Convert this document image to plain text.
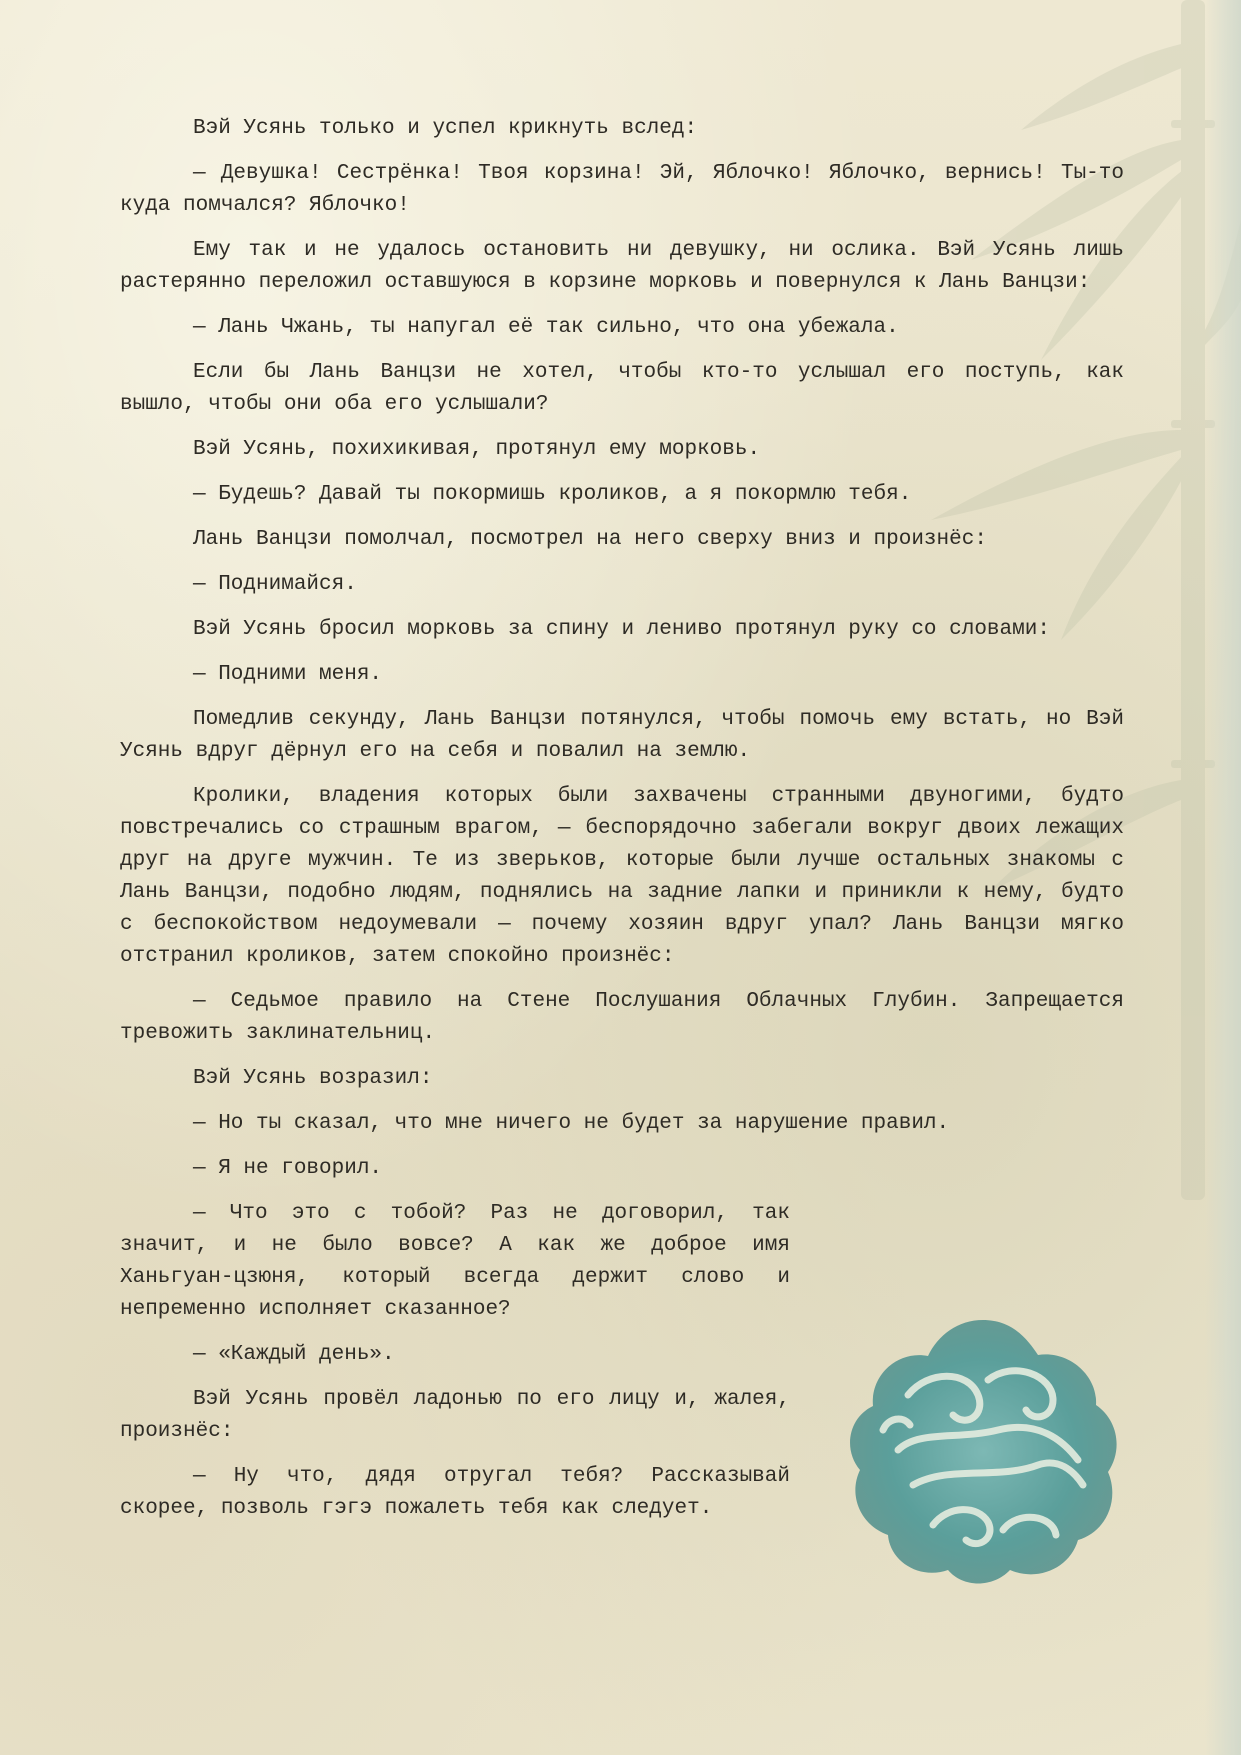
Вэй Усянь только и успел крикнуть вслед:

— Девушка! Сестрёнка! Твоя корзина! Эй, Яблочко! Яблочко, вернись! Ты-то куда помчался? Яблочко!

Ему так и не удалось остановить ни девушку, ни ослика. Вэй Усянь лишь растерянно переложил оставшуюся в корзине морковь и повернулся к Лань Ванцзи:

— Лань Чжань, ты напугал её так сильно, что она убежала.

Если бы Лань Ванцзи не хотел, чтобы кто-то услышал его поступь, как вышло, чтобы они оба его услышали?

Вэй Усянь, похихикивая, протянул ему морковь.

— Будешь? Давай ты покормишь кроликов, а я покормлю тебя.

Лань Ванцзи помолчал, посмотрел на него сверху вниз и произнёс:

— Поднимайся.

Вэй Усянь бросил морковь за спину и лениво протянул руку со словами:

— Подними меня.

Помедлив секунду, Лань Ванцзи потянулся, чтобы помочь ему встать, но Вэй Усянь вдруг дёрнул его на себя и повалил на землю.

Кролики, владения которых были захвачены странными двуногими, будто повстречались со страшным врагом, — беспорядочно забегали вокруг двоих лежащих друг на друге мужчин. Те из зверьков, которые были лучше остальных знакомы с Лань Ванцзи, подобно людям, поднялись на задние лапки и приникли к нему, будто с беспокойством недоумевали — почему хозяин вдруг упал? Лань Ванцзи мягко отстранил кроликов, затем спокойно произнёс:

— Седьмое правило на Стене Послушания Облачных Глубин. Запрещается тревожить заклинательниц.

Вэй Усянь возразил:

— Но ты сказал, что мне ничего не будет за нарушение правил.

— Я не говорил.

— Что это с тобой? Раз не договорил, так значит, и не было вовсе? А как же доброе имя Ханьгуан-цзюня, который всегда держит слово и непременно исполняет сказанное?

— «Каждый день».

Вэй Усянь провёл ладонью по его лицу и, жалея, произнёс:

— Ну что, дядя отругал тебя? Рассказывай скорее, позволь гэгэ пожалеть тебя как следует.
